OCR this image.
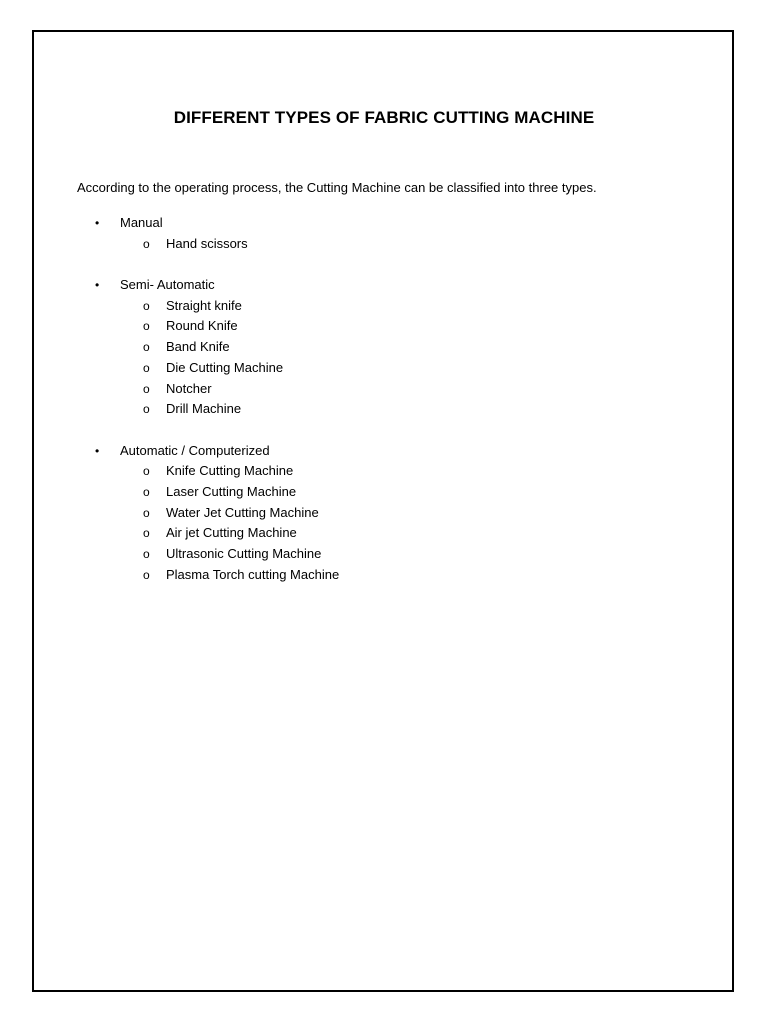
DIFFERENT TYPES OF FABRIC CUTTING MACHINE

According to the operating process, the Cutting Machine can be classified into three types.

• Manual
o Hand scissors
• Semi- Automatic
o Straight knife
o Round Knife
o Band Knife
o Die Cutting Machine
o Notcher
o Drill Machine
• Automatic / Computerized
o Knife Cutting Machine
o Laser Cutting Machine
o Water Jet Cutting Machine
o Air jet Cutting Machine
o Ultrasonic Cutting Machine
o Plasma Torch cutting Machine
